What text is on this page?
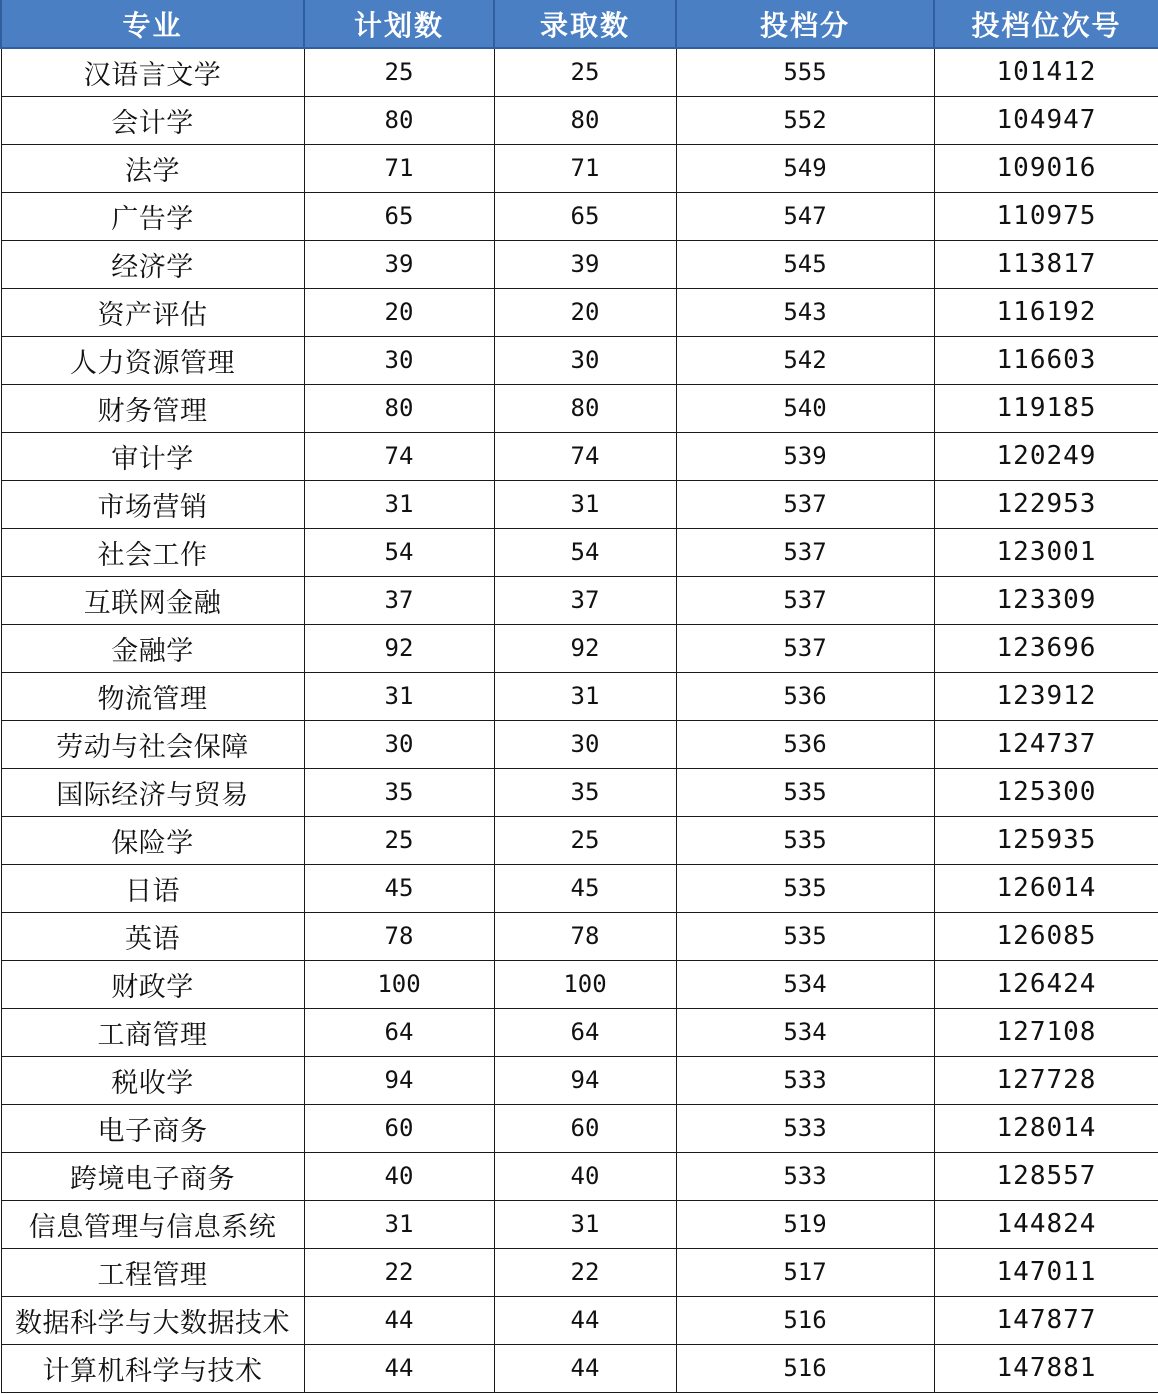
专业	计划数	录取数	投档分	投档位次号
汉语言文学	25	25	555	101412
会计学	80	80	552	104947
法学	71	71	549	109016
广告学	65	65	547	110975
经济学	39	39	545	113817
资产评估	20	20	543	116192
人力资源管理	30	30	542	116603
财务管理	80	80	540	119185
审计学	74	74	539	120249
市场营销	31	31	537	122953
社会工作	54	54	537	123001
互联网金融	37	37	537	123309
金融学	92	92	537	123696
物流管理	31	31	536	123912
劳动与社会保障	30	30	536	124737
国际经济与贸易	35	35	535	125300
保险学	25	25	535	125935
日语	45	45	535	126014
英语	78	78	535	126085
财政学	100	100	534	126424
工商管理	64	64	534	127108
税收学	94	94	533	127728
电子商务	60	60	533	128014
跨境电子商务	40	40	533	128557
信息管理与信息系统	31	31	519	144824
工程管理	22	22	517	147011
数据科学与大数据技术	44	44	516	147877
计算机科学与技术	44	44	516	147881
